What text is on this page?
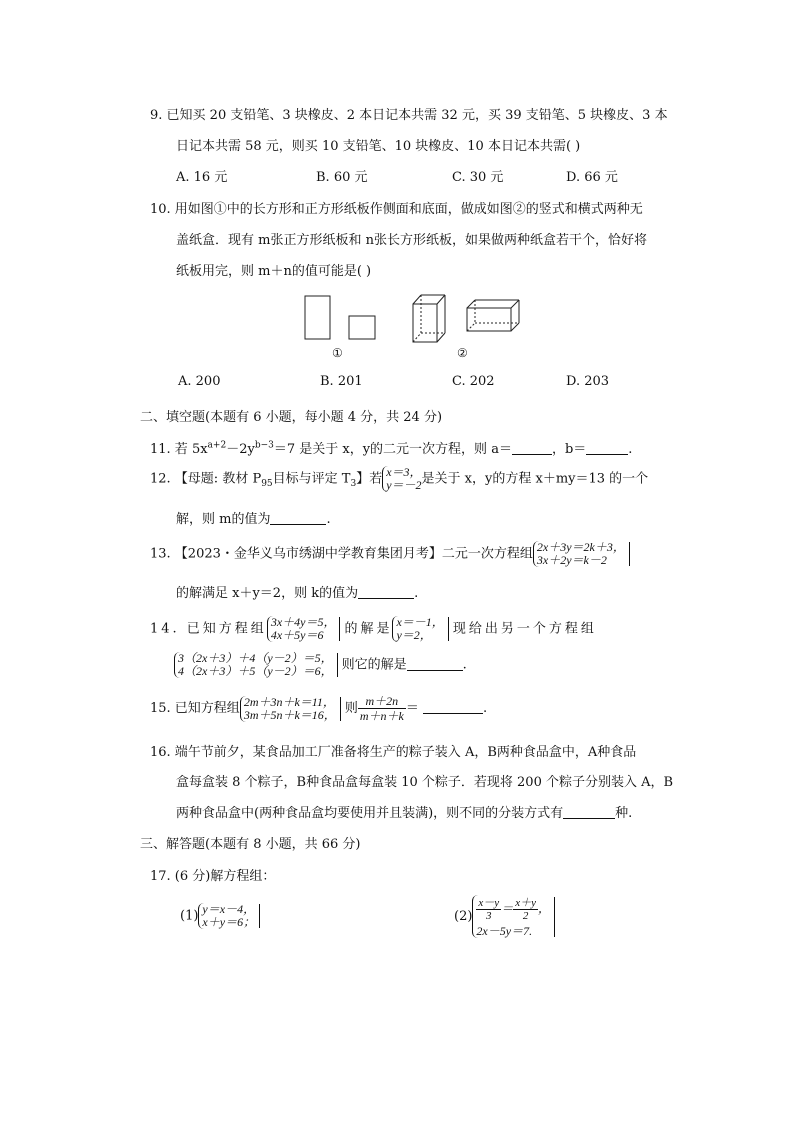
9. 已知买 20 支铅笔、3 块橡皮、2 本日记本共需 32 元，买 39 支铅笔、5 块橡皮、3 本
日记本共需 58 元，则买 10 支铅笔、10 块橡皮、10 本日记本共需( )
A. 16 元	B. 60 元	C. 30 元	D. 66 元
10. 用如图①中的长方形和正方形纸板作侧面和底面，做成如图②的竖式和横式两种无
盖纸盒．现有 m张正方形纸板和 n张长方形纸板，如果做两种纸盒若干个，恰好将
纸板用完，则 m＋n的值可能是( )
①	②
A. 200	B. 201	C. 202	D. 203
二、填空题(本题有 6 小题，每小题 4 分，共 24 分)
11. 若 $5x^{a+2}-2y^{b-3}=7$ 是关于 x，y的二元一次方程，则 a＝	，b＝	.
12. 【母题: 教材 $P_{95}$目标与评定 $T_3$】若 x＝3，
y＝－2 是关于 x，y的方程 x＋my＝13 的一个
解，则 m的值为	.
13. 【2023・金华义乌市绣湖中学教育集团月考】二元一次方程组 2x＋3y＝2k＋3，
3x＋2y＝k－2
的解满足 x＋y＝2，则 k的值为	.
14. 已知方程组 3x＋4y＝5，
4x＋5y＝6	的解是 x＝－1，
y＝2，	现给出另一个方程组
3（2x＋3）＋4（y－2）＝5，
4（2x＋3）＋5（y－2）＝6， 则它的解是	.
15. 已知方程组 2m＋3n＋k＝11，
3m＋5n＋k＝16， 则 $\frac{m+2n}{m+n+k}$ ＝	.
16. 端午节前夕，某食品加工厂准备将生产的粽子装入 A，B两种食品盒中，A种食品
盒每盒装 8 个粽子，B种食品盒每盒装 10 个粽子．若现将 200 个粽子分别装入 A，B
两种食品盒中(两种食品盒均要使用并且装满)，则不同的分装方式有	种.
三、解答题(本题有 8 小题，共 66 分)
17. (6 分)解方程组：
(1) y＝x－4，
x＋y＝6；	$(2) \frac{x-y}{3} = \frac{x+y}{2}$ ，
2x－5y＝7.
